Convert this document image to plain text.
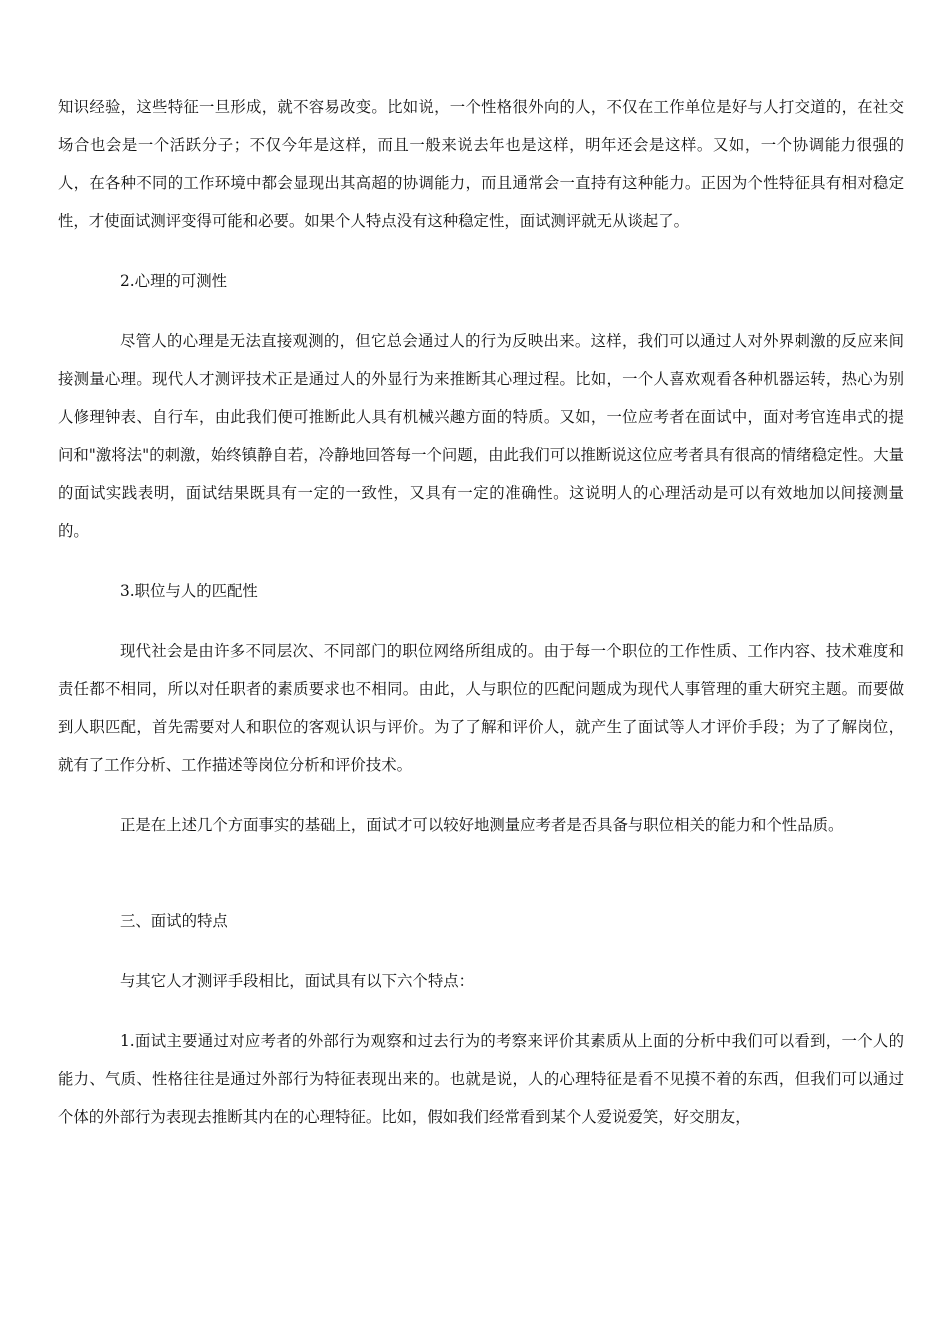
知识经验，这些特征一旦形成，就不容易改变。比如说，一个性格很外向的人，不仅在工作单位是好与人打交道的，在社交场合也会是一个活跃分子；不仅今年是这样，而且一般来说去年也是这样，明年还会是这样。又如，一个协调能力很强的人，在各种不同的工作环境中都会显现出其高超的协调能力，而且通常会一直持有这种能力。正因为个性特征具有相对稳定性，才使面试测评变得可能和必要。如果个人特点没有这种稳定性，面试测评就无从谈起了。

2.心理的可测性

尽管人的心理是无法直接观测的，但它总会通过人的行为反映出来。这样，我们可以通过人对外界刺激的反应来间接测量心理。现代人才测评技术正是通过人的外显行为来推断其心理过程。比如，一个人喜欢观看各种机器运转，热心为别人修理钟表、自行车，由此我们便可推断此人具有机械兴趣方面的特质。又如，一位应考者在面试中，面对考官连串式的提问和"激将法"的刺激，始终镇静自若，冷静地回答每一个问题，由此我们可以推断说这位应考者具有很高的情绪稳定性。大量的面试实践表明，面试结果既具有一定的一致性，又具有一定的准确性。这说明人的心理活动是可以有效地加以间接测量的。

3.职位与人的匹配性

现代社会是由许多不同层次、不同部门的职位网络所组成的。由于每一个职位的工作性质、工作内容、技术难度和责任都不相同，所以对任职者的素质要求也不相同。由此，人与职位的匹配问题成为现代人事管理的重大研究主题。而要做到人职匹配，首先需要对人和职位的客观认识与评价。为了了解和评价人，就产生了面试等人才评价手段；为了了解岗位，就有了工作分析、工作描述等岗位分析和评价技术。

正是在上述几个方面事实的基础上，面试才可以较好地测量应考者是否具备与职位相关的能力和个性品质。

三、面试的特点

与其它人才测评手段相比，面试具有以下六个特点：

1.面试主要通过对应考者的外部行为观察和过去行为的考察来评价其素质从上面的分析中我们可以看到，一个人的能力、气质、性格往往是通过外部行为特征表现出来的。也就是说，人的心理特征是看不见摸不着的东西，但我们可以通过个体的外部行为表现去推断其内在的心理特征。比如，假如我们经常看到某个人爱说爱笑，好交朋友，
